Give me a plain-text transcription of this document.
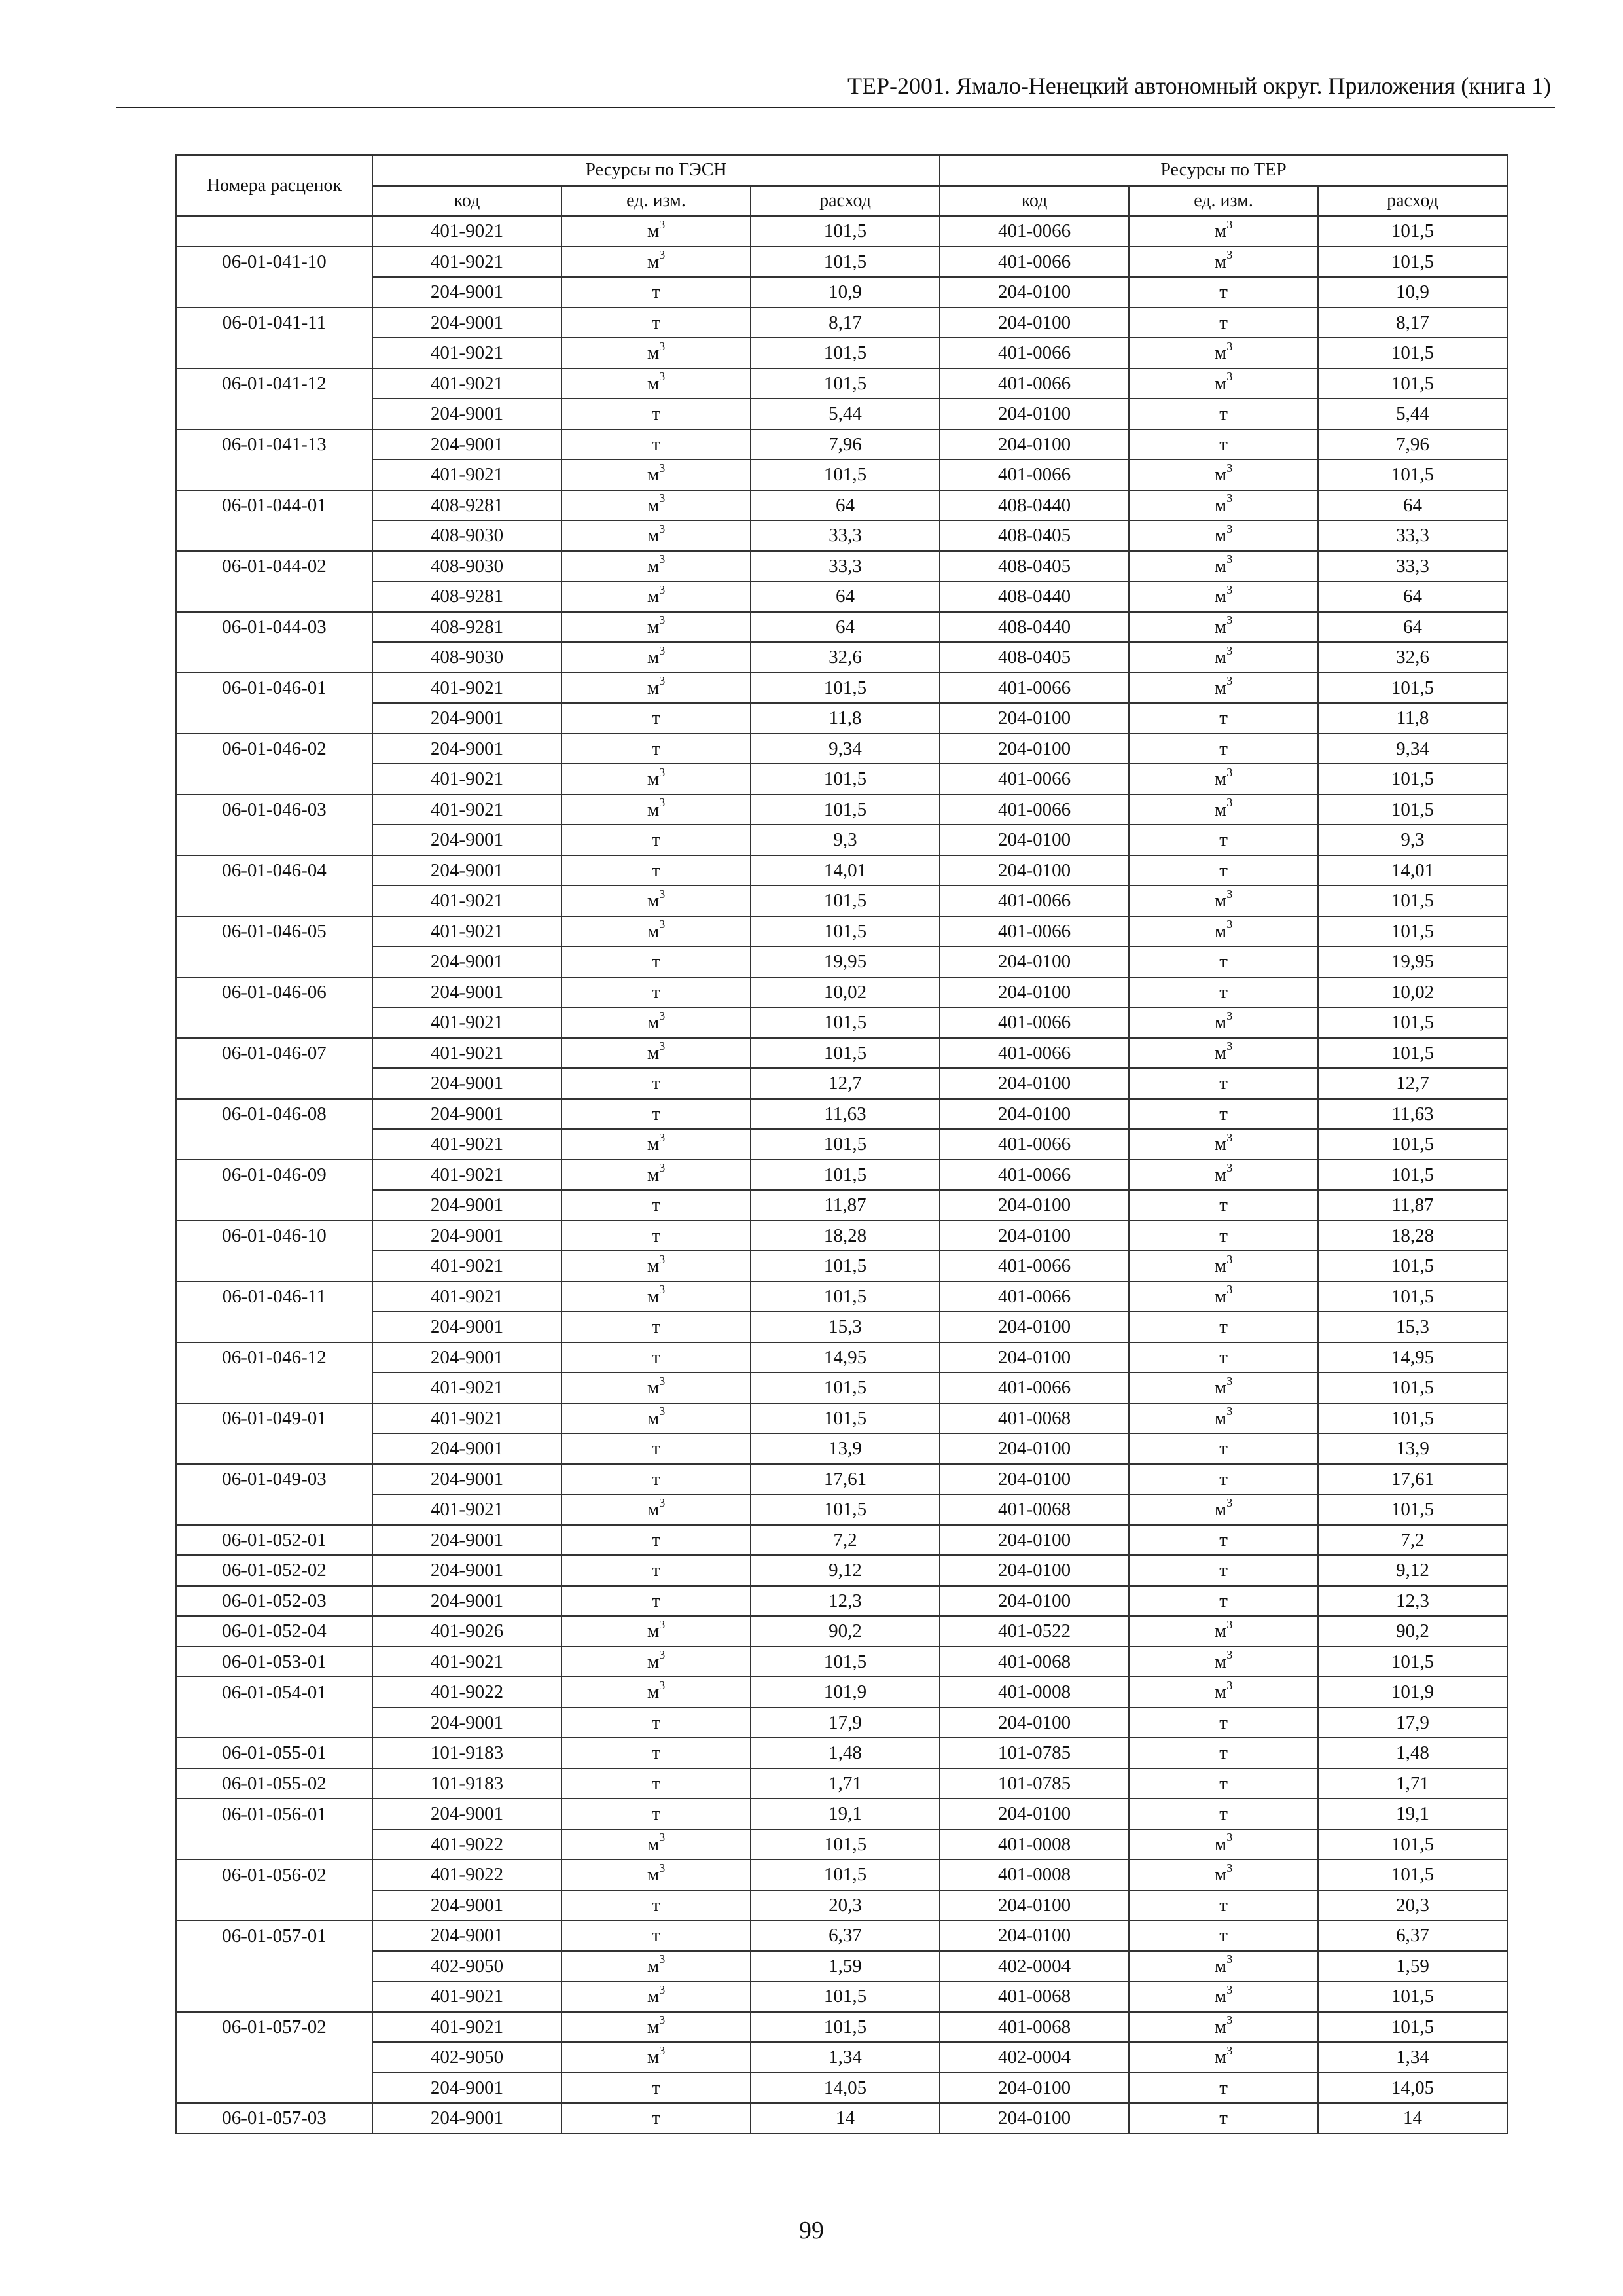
ТЕР-2001. Ямало-Ненецкий автономный округ. Приложения (книга 1)
Номера расценок	Ресурсы по ГЭСН			Ресурсы по ТЕР		
	код	ед. изм.	расход	код	ед. изм.	расход
	401-9021	$м^3$	101,5	401-0066	$м^3$	101,5
06-01-041-10	401-9021	$м^3$	101,5	401-0066	$м^3$	101,5
	204-9001	т	10,9	204-0100	т	10,9
06-01-041-11	204-9001	т	8,17	204-0100	т	8,17
	401-9021	$м^3$	101,5	401-0066	$м^3$	101,5
06-01-041-12	401-9021	$м^3$	101,5	401-0066	$м^3$	101,5
	204-9001	т	5,44	204-0100	т	5,44
06-01-041-13	204-9001	т	7,96	204-0100	т	7,96
	401-9021	$м^3$	101,5	401-0066	$м^3$	101,5
06-01-044-01	408-9281	$м^3$	64	408-0440	$м^3$	64
	408-9030	$м^3$	33,3	408-0405	$м^3$	33,3
06-01-044-02	408-9030	$м^3$	33,3	408-0405	$м^3$	33,3
	408-9281	$м^3$	64	408-0440	$м^3$	64
06-01-044-03	408-9281	$м^3$	64	408-0440	$м^3$	64
	408-9030	$м^3$	32,6	408-0405	$м^3$	32,6
06-01-046-01	401-9021	$м^3$	101,5	401-0066	$м^3$	101,5
	204-9001	т	11,8	204-0100	т	11,8
06-01-046-02	204-9001	т	9,34	204-0100	т	9,34
	401-9021	$м^3$	101,5	401-0066	$м^3$	101,5
06-01-046-03	401-9021	$м^3$	101,5	401-0066	$м^3$	101,5
	204-9001	т	9,3	204-0100	т	9,3
06-01-046-04	204-9001	т	14,01	204-0100	т	14,01
	401-9021	$м^3$	101,5	401-0066	$м^3$	101,5
06-01-046-05	401-9021	$м^3$	101,5	401-0066	$м^3$	101,5
	204-9001	т	19,95	204-0100	т	19,95
06-01-046-06	204-9001	т	10,02	204-0100	т	10,02
	401-9021	$м^3$	101,5	401-0066	$м^3$	101,5
06-01-046-07	401-9021	$м^3$	101,5	401-0066	$м^3$	101,5
	204-9001	т	12,7	204-0100	т	12,7
06-01-046-08	204-9001	т	11,63	204-0100	т	11,63
	401-9021	$м^3$	101,5	401-0066	$м^3$	101,5
06-01-046-09	401-9021	$м^3$	101,5	401-0066	$м^3$	101,5
	204-9001	т	11,87	204-0100	т	11,87
06-01-046-10	204-9001	т	18,28	204-0100	т	18,28
	401-9021	$м^3$	101,5	401-0066	$м^3$	101,5
06-01-046-11	401-9021	$м^3$	101,5	401-0066	$м^3$	101,5
	204-9001	т	15,3	204-0100	т	15,3
06-01-046-12	204-9001	т	14,95	204-0100	т	14,95
	401-9021	$м^3$	101,5	401-0066	$м^3$	101,5
06-01-049-01	401-9021	$м^3$	101,5	401-0068	$м^3$	101,5
	204-9001	т	13,9	204-0100	т	13,9
06-01-049-03	204-9001	т	17,61	204-0100	т	17,61
	401-9021	$м^3$	101,5	401-0068	$м^3$	101,5
06-01-052-01	204-9001	т	7,2	204-0100	т	7,2
06-01-052-02	204-9001	т	9,12	204-0100	т	9,12
06-01-052-03	204-9001	т	12,3	204-0100	т	12,3
06-01-052-04	401-9026	$м^3$	90,2	401-0522	$м^3$	90,2
06-01-053-01	401-9021	$м^3$	101,5	401-0068	$м^3$	101,5
06-01-054-01	401-9022	$м^3$	101,9	401-0008	$м^3$	101,9
	204-9001	т	17,9	204-0100	т	17,9
06-01-055-01	101-9183	т	1,48	101-0785	т	1,48
06-01-055-02	101-9183	т	1,71	101-0785	т	1,71
06-01-056-01	204-9001	т	19,1	204-0100	т	19,1
	401-9022	$м^3$	101,5	401-0008	$м^3$	101,5
06-01-056-02	401-9022	$м^3$	101,5	401-0008	$м^3$	101,5
	204-9001	т	20,3	204-0100	т	20,3
06-01-057-01	204-9001	т	6,37	204-0100	т	6,37
	402-9050	$м^3$	1,59	402-0004	$м^3$	1,59
	401-9021	$м^3$	101,5	401-0068	$м^3$	101,5
06-01-057-02	401-9021	$м^3$	101,5	401-0068	$м^3$	101,5
	402-9050	$м^3$	1,34	402-0004	$м^3$	1,34
	204-9001	т	14,05	204-0100	т	14,05
06-01-057-03	204-9001	т	14	204-0100	т	14
99
